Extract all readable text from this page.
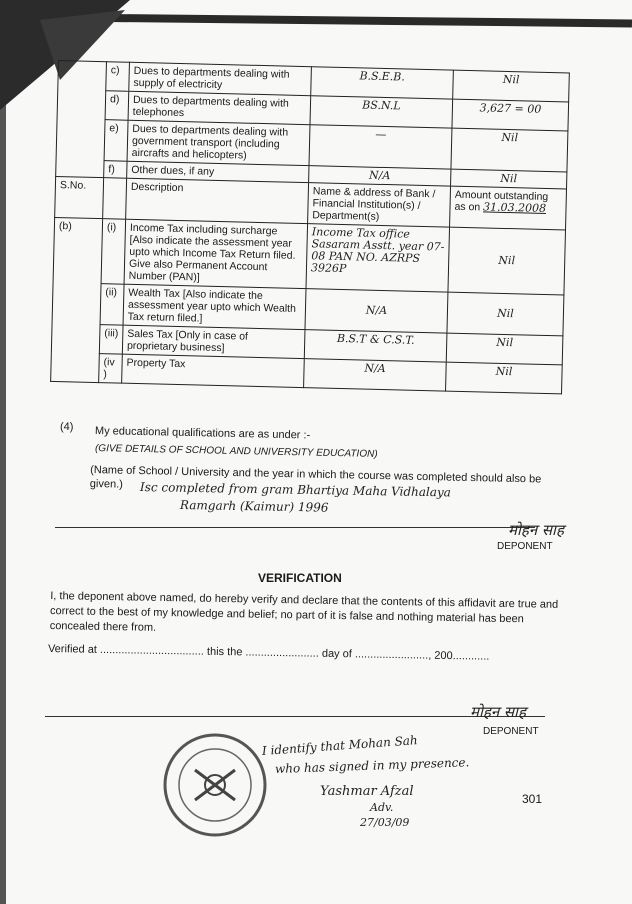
	c)	Dues to departments dealing with supply of electricity	B.S.E.B.	Nil
	d)	Dues to departments dealing with telephones	BS.N.L	3,627 = 00
	e)	Dues to departments dealing with government transport (including aircrafts and helicopters)	—	Nil
	f)	Other dues, if any	N/A	Nil
S.No.		Description	Name & address of Bank / Financial Institution(s) / Department(s)	Amount outstanding as on 31.03.2008
(b)	(i)	Income Tax including surcharge [Also indicate the assessment year upto which Income Tax Return filed. Give also Permanent Account Number (PAN)]	Income Tax office Sasaram Asstt. year 07-08 PAN NO. AZRPS 3926P	Nil
	(ii)	Wealth Tax [Also indicate the assessment year upto which Wealth Tax return filed.]	N/A	Nil
	(iii)	Sales Tax [Only in case of proprietary business]	B.S.T & C.S.T.	Nil
	(iv )	Property Tax	N/A	Nil
(4) My educational qualifications are as under :-
(GIVE DETAILS OF SCHOOL AND UNIVERSITY EDUCATION)
(Name of School / University and the year in which the course was completed should also be given.)	Isc completed from gram Bhartiya Maha Vidhalaya
Ramgarh (Kaimur) 1996
मोहन साह
DEPONENT
VERIFICATION
I, the deponent above named, do hereby verify and declare that the contents of this affidavit are true and correct to the best of my knowledge and belief; no part of it is false and nothing material has been concealed there from.
Verified at .................................. this the ........................ day of ........................, 200............
मोहन साह
DEPONENT
I identify that Mohan Sah
who has signed in my presence.
Yashmar Afzal
Adv.
27/03/09
301
